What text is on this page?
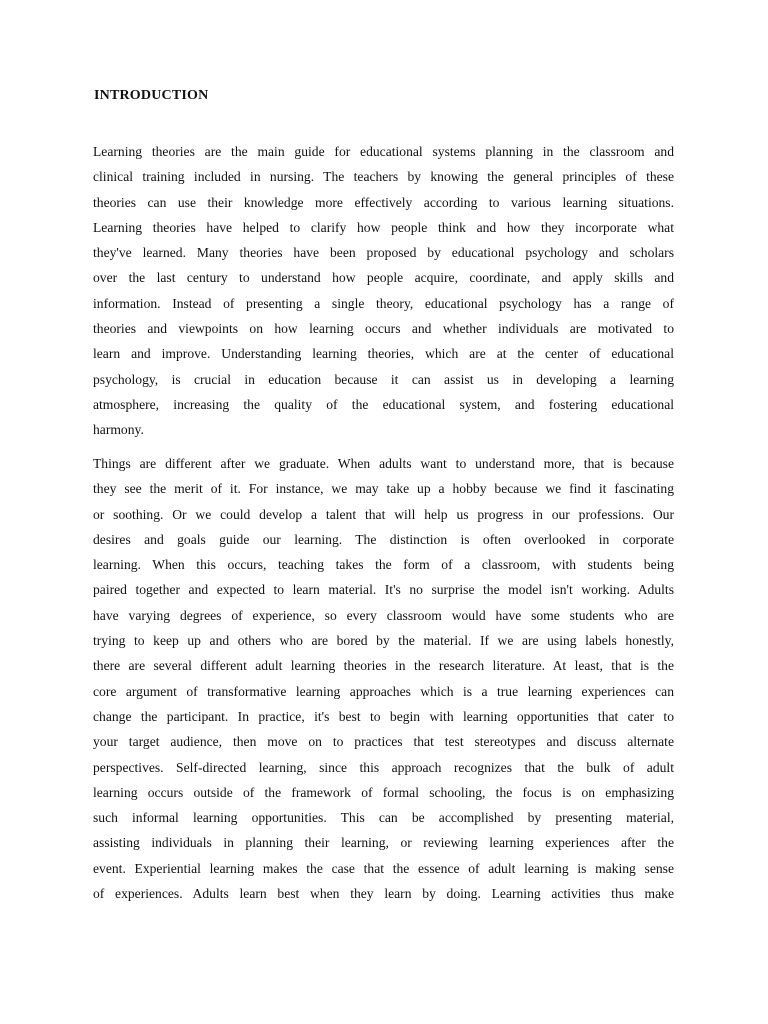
INTRODUCTION

Learning theories are the main guide for educational systems planning in the classroom and
clinical training included in nursing. The teachers by knowing the general principles of these
theories can use their knowledge more effectively according to various learning situations.
Learning theories have helped to clarify how people think and how they incorporate what
they've learned. Many theories have been proposed by educational psychology and scholars
over the last century to understand how people acquire, coordinate, and apply skills and
information. Instead of presenting a single theory, educational psychology has a range of
theories and viewpoints on how learning occurs and whether individuals are motivated to
learn and improve. Understanding learning theories, which are at the center of educational
psychology, is crucial in education because it can assist us in developing a learning
atmosphere, increasing the quality of the educational system, and fostering educational
harmony.

Things are different after we graduate. When adults want to understand more, that is because
they see the merit of it. For instance, we may take up a hobby because we find it fascinating
or soothing. Or we could develop a talent that will help us progress in our professions. Our
desires and goals guide our learning. The distinction is often overlooked in corporate
learning. When this occurs, teaching takes the form of a classroom, with students being
paired together and expected to learn material. It's no surprise the model isn't working. Adults
have varying degrees of experience, so every classroom would have some students who are
trying to keep up and others who are bored by the material. If we are using labels honestly,
there are several different adult learning theories in the research literature. At least, that is the
core argument of transformative learning approaches which is a true learning experiences can
change the participant. In practice, it's best to begin with learning opportunities that cater to
your target audience, then move on to practices that test stereotypes and discuss alternate
perspectives. Self-directed learning, since this approach recognizes that the bulk of adult
learning occurs outside of the framework of formal schooling, the focus is on emphasizing
such informal learning opportunities. This can be accomplished by presenting material,
assisting individuals in planning their learning, or reviewing learning experiences after the
event. Experiential learning makes the case that the essence of adult learning is making sense
of experiences. Adults learn best when they learn by doing. Learning activities thus make
